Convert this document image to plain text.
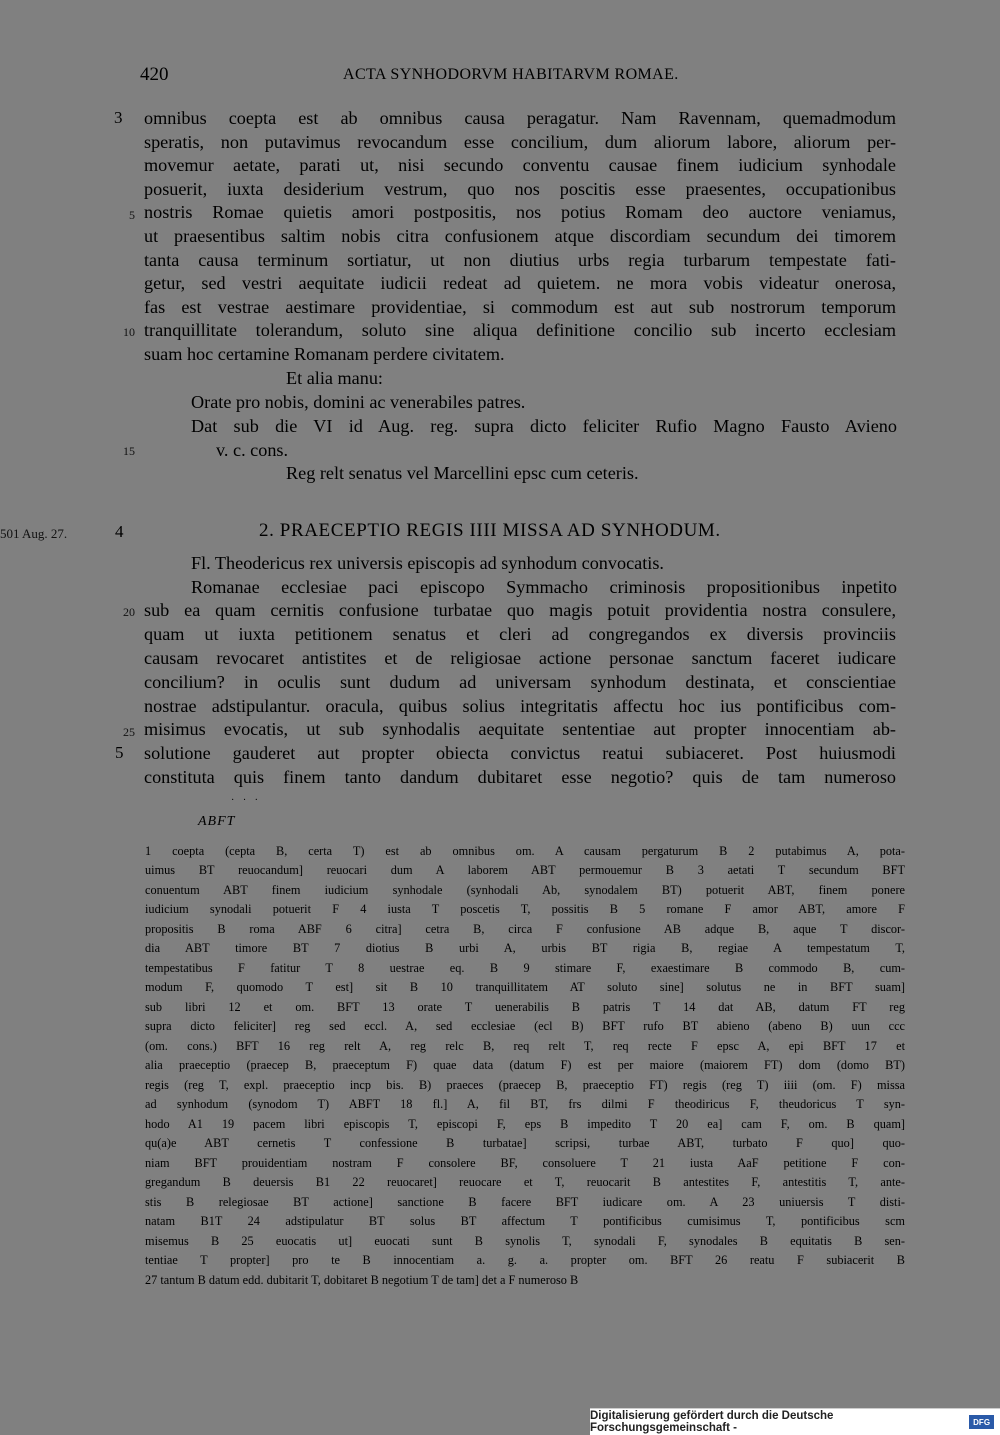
420	ACTA SYNHODORVM HABITARVM ROMAE.
3
5
10
15
501 Aug. 27.	4
20
25
5
omnibus coepta est ab omnibus causa peragatur. Nam Ravennam, quemadmodum
speratis, non putavimus revocandum esse concilium, dum aliorum labore, aliorum per-
movemur aetate, parati ut, nisi secundo conventu causae finem iudicium synhodale
posuerit, iuxta desiderium vestrum, quo nos poscitis esse praesentes, occupationibus
nostris Romae quietis amori postpositis, nos potius Romam deo auctore veniamus,
ut praesentibus saltim nobis citra confusionem atque discordiam secundum dei timorem
tanta causa terminum sortiatur, ut non diutius urbs regia turbarum tempestate fati-
getur, sed vestri aequitate iudicii redeat ad quietem. ne mora vobis videatur onerosa,
fas est vestrae aestimare providentiae, si commodum est aut sub nostrorum temporum
tranquillitate tolerandum, soluto sine aliqua definitione concilio sub incerto ecclesiam
suam hoc certamine Romanam perdere civitatem.
Et alia manu:
Orate pro nobis, domini ac venerabiles patres.
Dat sub die VI id Aug. reg. supra dicto feliciter Rufio Magno Fausto Avieno
v. c. cons.
Reg relt senatus vel Marcellini epsc cum ceteris.
2. PRAECEPTIO REGIS IIII MISSA AD SYNHODUM.
Fl. Theodericus rex universis episcopis ad synhodum convocatis.
Romanae ecclesiae paci episcopo Symmacho criminosis propositionibus inpetito
sub ea quam cernitis confusione turbatae quo magis potuit providentia nostra consulere,
quam ut iuxta petitionem senatus et cleri ad congregandos ex diversis provinciis
causam revocaret antistites et de religiosae actione personae sanctum faceret iudicare
concilium? in oculis sunt dudum ad universam synhodum destinata, et conscientiae
nostrae adstipulantur. oracula, quibus solius integritatis affectu hoc ius pontificibus com-
misimus evocatis, ut sub synhodalis aequitate sententiae aut propter innocentiam ab-
solutione gauderet aut propter obiecta convictus reatui subiaceret. Post huiusmodi
constituta quis finem tanto dandum dubitaret esse negotio? quis de tam numeroso
· · ·
ABFT
1 coepta (cepta B, certa T) est ab omnibus om. A causam pergaturum B 2 putabimus A, pota-
uimus BT reuocandum] reuocari dum A laborem ABT permouemur B 3 aetati T secundum BFT
conuentum ABT finem iudicium synhodale (synhodali Ab, synodalem BT) potuerit ABT, finem ponere
iudicium synodali potuerit F 4 iusta T poscetis T, possitis B 5 romane F amor ABT, amore F
propositis B roma ABF 6 citra] cetra B, circa F confusione AB adque B, aque T discor-
dia ABT timore BT 7 diotius B urbi A, urbis BT rigia B, regiae A tempestatum T,
tempestatibus F fatitur T 8 uestrae eq. B 9 stimare F, exaestimare B commodo B, cum-
modum F, quomodo T est] sit B 10 tranquillitatem AT soluto sine] solutus ne in BFT suam]
sub libri 12 et om. BFT 13 orate T uenerabilis B patris T 14 dat AB, datum FT reg
supra dicto feliciter] reg sed eccl. A, sed ecclesiae (ecl B) BFT rufo BT abieno (abeno B) uun ccc
(om. cons.) BFT 16 reg relt A, reg relc B, req relt T, req recte F epsc A, epi BFT 17 et
alia praeceptio (praecep B, praeceptum F) quae data (datum F) est per maiore (maiorem FT) dom (domo BT)
regis (reg T, expl. praeceptio incp bis. B) praeces (praecep B, praeceptio FT) regis (reg T) iiii (om. F) missa
ad synhodum (synodom T) ABFT 18 fl.] A, fil BT, frs dilmi F theodiricus F, theudoricus T syn-
hodo A1 19 pacem libri episcopis T, episcopi F, eps B impedito T 20 ea] cam F, om. B quam]
qu(a)e ABT cernetis T confessione B turbatae] scripsi, turbae ABT, turbato F quo] quo-
niam BFT prouidentiam nostram F consolere BF, consoluere T 21 iusta AaF petitione F con-
gregandum B deuersis B1 22 reuocaret] reuocare et T, reuocarit B antestites F, antestitis T, ante-
stis B relegiosae BT actione] sanctione B facere BFT iudicare om. A 23 uniuersis T disti-
natam B1T 24 adstipulatur BT solus BT affectum T pontificibus cumisimus T, pontificibus scm
misemus B 25 euocatis ut] euocati sunt B synolis T, synodali F, synodales B equitatis B sen-
tentiae T propter] pro te B innocentiam a. g. a. propter om. BFT 26 reatu F subiacerit B
27 tantum B datum edd. dubitarit T, dobitaret B negotium T de tam] det a F numeroso B
Digitalisierung gefördert durch die Deutsche Forschungsgemeinschaft -	DFG
